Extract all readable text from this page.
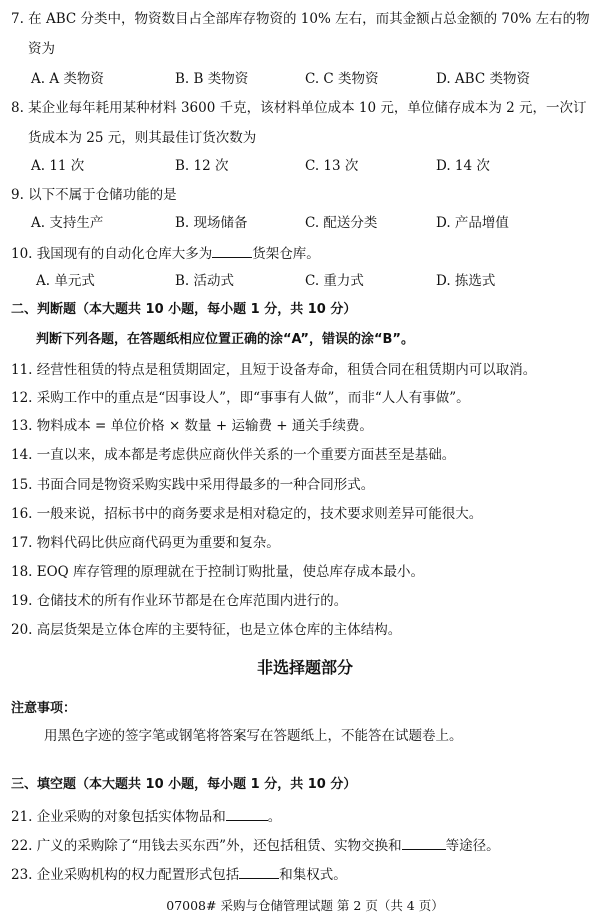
7. 在 ABC 分类中，物资数目占全部库存物资的 10% 左右，而其金额占总金额的 70% 左右的物
资为
A. A 类物资	B. B 类物资	C. C 类物资	D. ABC 类物资
8. 某企业每年耗用某种材料 3600 千克，该材料单位成本 10 元，单位储存成本为 2 元，一次订
货成本为 25 元，则其最佳订货次数为
A. 11 次	B. 12 次	C. 13 次	D. 14 次
9. 以下不属于仓储功能的是
A. 支持生产	B. 现场储备	C. 配送分类	D. 产品增值
10. 我国现有的自动化仓库大多为	货架仓库。
A. 单元式	B. 活动式	C. 重力式	D. 拣选式
二、判断题（本大题共 10 小题，每小题 1 分，共 10 分）
判断下列各题，在答题纸相应位置正确的涂“A”，错误的涂“B”。
11. 经营性租赁的特点是租赁期固定，且短于设备寿命，租赁合同在租赁期内可以取消。
12. 采购工作中的重点是“因事设人”，即“事事有人做”，而非“人人有事做”。
13. 物料成本 = 单位价格 × 数量 + 运输费 + 通关手续费。
14. 一直以来，成本都是考虑供应商伙伴关系的一个重要方面甚至是基础。
15. 书面合同是物资采购实践中采用得最多的一种合同形式。
16. 一般来说，招标书中的商务要求是相对稳定的，技术要求则差异可能很大。
17. 物料代码比供应商代码更为重要和复杂。
18. EOQ 库存管理的原理就在于控制订购批量，使总库存成本最小。
19. 仓储技术的所有作业环节都是在仓库范围内进行的。
20. 高层货架是立体仓库的主要特征，也是立体仓库的主体结构。
非选择题部分
注意事项：
用黑色字迹的签字笔或钢笔将答案写在答题纸上，不能答在试题卷上。
三、填空题（本大题共 10 小题，每小题 1 分，共 10 分）
21. 企业采购的对象包括实体物品和	。
22. 广义的采购除了“用钱去买东西”外，还包括租赁、实物交换和	等途径。
23. 企业采购机构的权力配置形式包括	和集权式。
07008# 采购与仓储管理试题 第 2 页（共 4 页）
